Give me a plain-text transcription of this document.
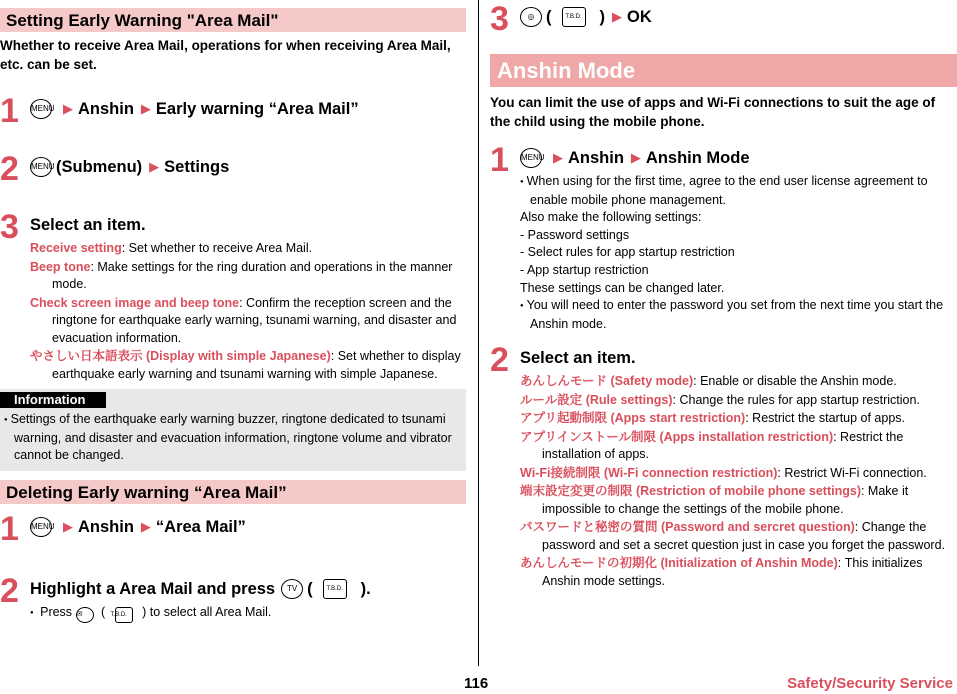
Setting Early Warning "Area Mail"
Whether to receive Area Mail, operations for when receiving Area Mail, etc. can be set.
1 MENU ▶ Anshin ▶ Early warning “Area Mail”
2 MENU (Submenu) ▶ Settings
3 Select an item.
Receive setting: Set whether to receive Area Mail.
Beep tone: Make settings for the ring duration and operations in the manner mode.
Check screen image and beep tone: Confirm the reception screen and the ringtone for earthquake early warning, tsunami warning, and disaster and evacuation information.
やさしい日本語表示 (Display with simple Japanese): Set whether to display earthquake early warning and tsunami warning with simple Japanese.
Information
● Settings of the earthquake early warning buzzer, ringtone dedicated to tsunami warning, and disaster and evacuation information, ringtone volume and vibrator cannot be changed.
Deleting Early warning “Area Mail”
1 MENU ▶ Anshin ▶ “Area Mail”
2 Highlight a Area Mail and press	TV (	T.B.D. ).
● Press ✉ ( T.B.D. ) to select all Area Mail.
3	◎ (	T.B.D. ) ▶ OK
Anshin Mode
You can limit the use of apps and Wi-Fi connections to suit the age of the child using the mobile phone.
1 MENU ▶ Anshin ▶ Anshin Mode
● When using for the first time, agree to the end user license agreement to enable mobile phone management.
Also make the following settings:
- Password settings
- Select rules for app startup restriction
- App startup restriction
These settings can be changed later.
● You will need to enter the password you set from the next time you start the Anshin mode.
2 Select an item.
あんしんモード (Safety mode): Enable or disable the Anshin mode.
ルール設定 (Rule settings): Change the rules for app startup restriction.
アプリ起動制限 (Apps start restriction): Restrict the startup of apps.
アプリインストール制限 (Apps installation restriction): Restrict the installation of apps.
Wi-Fi接続制限 (Wi-Fi connection restriction): Restrict Wi-Fi connection.
端末設定変更の制限 (Restriction of mobile phone settings): Make it impossible to change the settings of the mobile phone.
パスワードと秘密の質問 (Password and sercret question): Change the password and set a secret question just in case you forget the password.
あんしんモードの初期化 (Initialization of Anshin Mode): This initializes Anshin mode settings.
116	Safety/Security Service
